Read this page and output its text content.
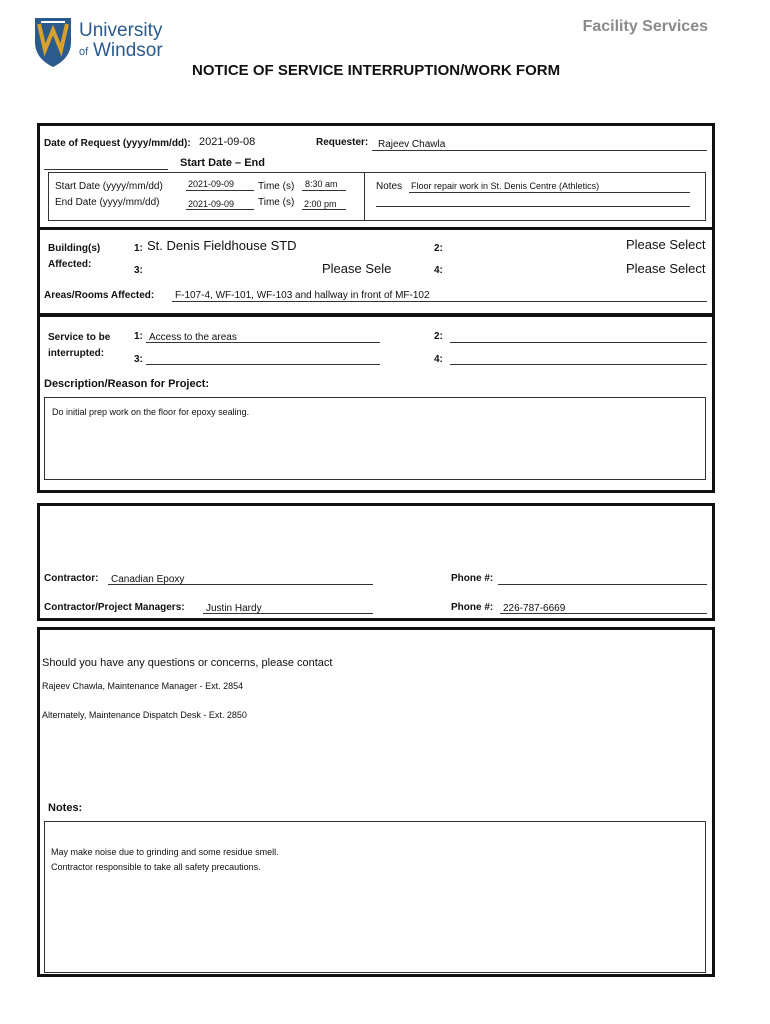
University
of Windsor
Facility Services
NOTICE OF SERVICE INTERRUPTION/WORK FORM
Date of Request (yyyy/mm/dd): 2021-09-08	Requester: Rajeev Chawla
Start Date – End
Start Date (yyyy/mm/dd)	2021-09-09 Time (s) 8:30 am
End Date (yyyy/mm/dd)	2021-09-09 Time (s) 2:00 pm
Notes Floor repair work in St. Denis Centre (Athletics)
Building(s)
Affected:
1: St. Denis Fieldhouse STD	2:	Please Select
3:	Please Sele	4:	Please Select
Areas/Rooms Affected: F-107-4, WF-101, WF-103 and hallway in front of MF-102
Service to be
interrupted:
1: Access to the areas	2:
3:	4:
Description/Reason for Project:
Do initial prep work on the floor for epoxy sealing.
Contractor: Canadian Epoxy	Phone #:
Contractor/Project Managers: Justin Hardy	Phone #: 226-787-6669
Should you have any questions or concerns, please contact
Rajeev Chawla, Maintenance Manager - Ext. 2854
Alternately, Maintenance Dispatch Desk - Ext. 2850
Notes:
May make noise due to grinding and some residue smell.
Contractor responsible to take all safety precautions.
